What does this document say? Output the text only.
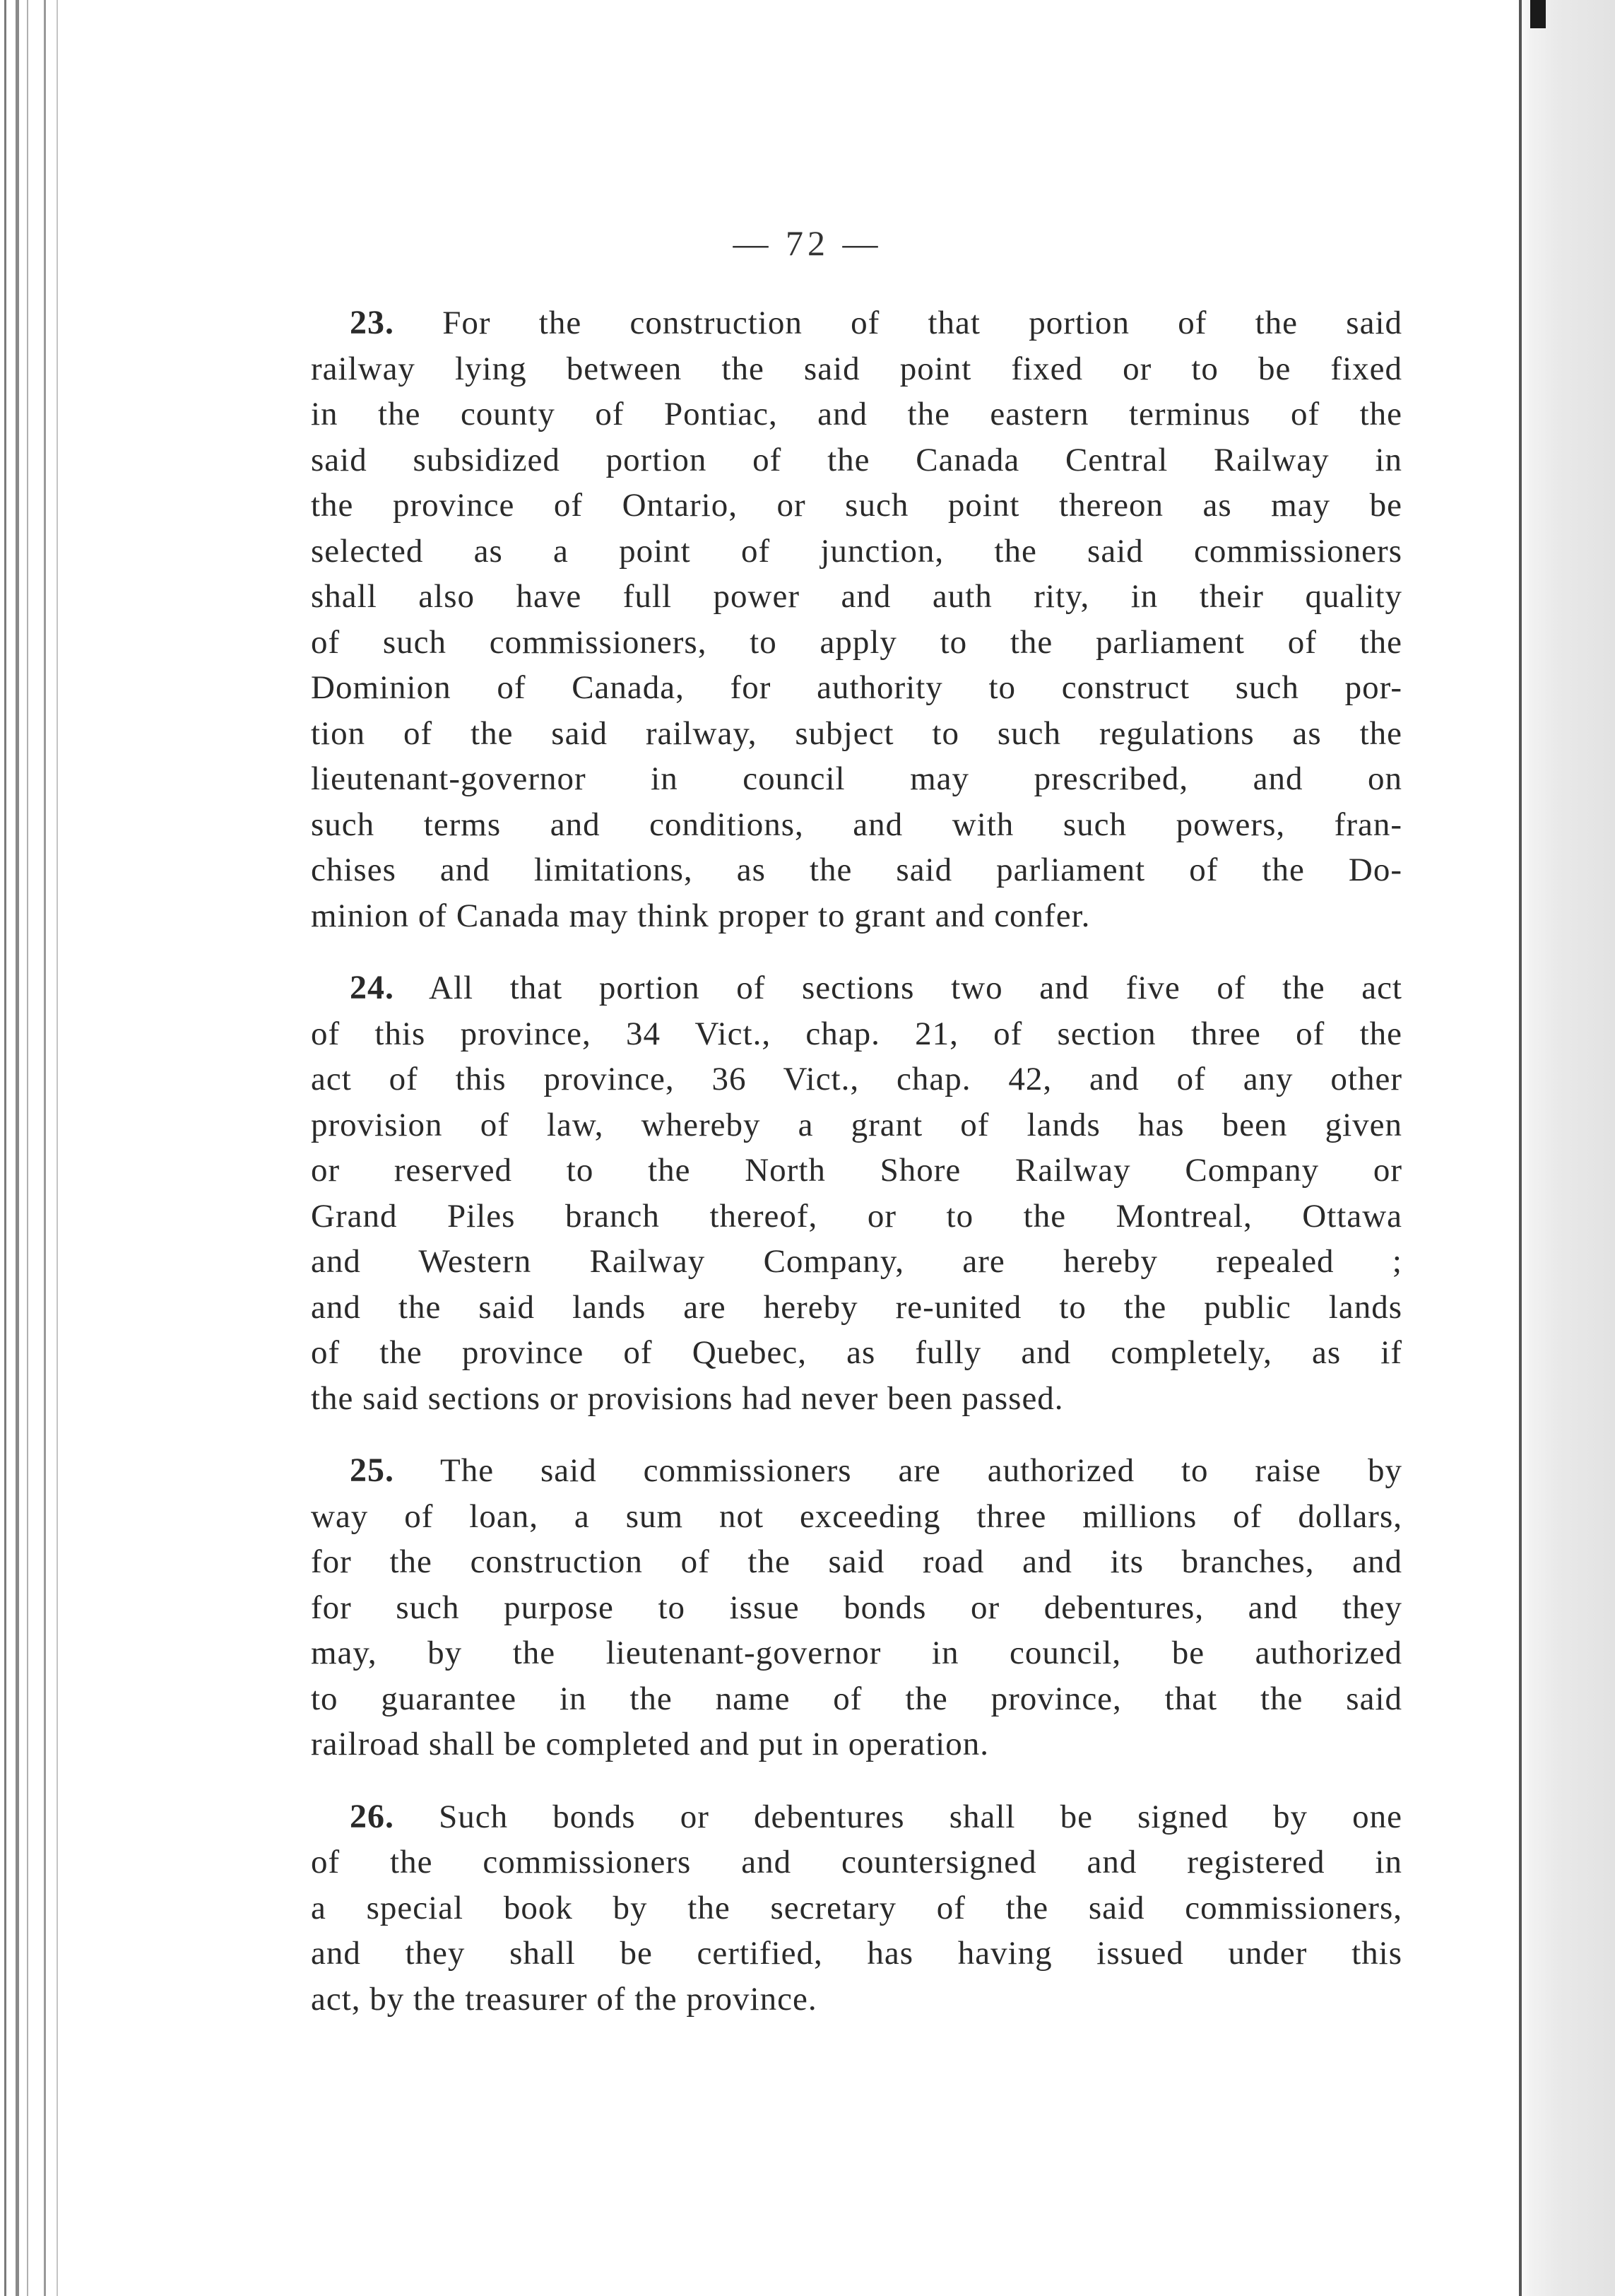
— 72 —
23. For the construction of that portion of the said
railway lying between the said point fixed or to be fixed
in the county of Pontiac, and the eastern terminus of the
said subsidized portion of the Canada Central Railway in
the province of Ontario, or such point thereon as may be
selected as a point of junction, the said commissioners
shall also have full power and auth rity, in their quality
of such commissioners, to apply to the parliament of the
Dominion of Canada, for authority to construct such por-
tion of the said railway, subject to such regulations as the
lieutenant-governor in council may prescribed, and on
such terms and conditions, and with such powers, fran-
chises and limitations, as the said parliament of the Do-
minion of Canada may think proper to grant and confer.
24. All that portion of sections two and five of the act
of this province, 34 Vict., chap. 21, of section three of the
act of this province, 36 Vict., chap. 42, and of any other
provision of law, whereby a grant of lands has been given
or reserved to the North Shore Railway Company or
Grand Piles branch thereof, or to the Montreal, Ottawa
and Western Railway Company, are hereby repealed ;
and the said lands are hereby re-united to the public lands
of the province of Quebec, as fully and completely, as if
the said sections or provisions had never been passed.
25. The said commissioners are authorized to raise by
way of loan, a sum not exceeding three millions of dollars,
for the construction of the said road and its branches, and
for such purpose to issue bonds or debentures, and they
may, by the lieutenant-governor in council, be authorized
to guarantee in the name of the province, that the said
railroad shall be completed and put in operation.
26. Such bonds or debentures shall be signed by one
of the commissioners and countersigned and registered in
a special book by the secretary of the said commissioners,
and they shall be certified, has having issued under this
act, by the treasurer of the province.
